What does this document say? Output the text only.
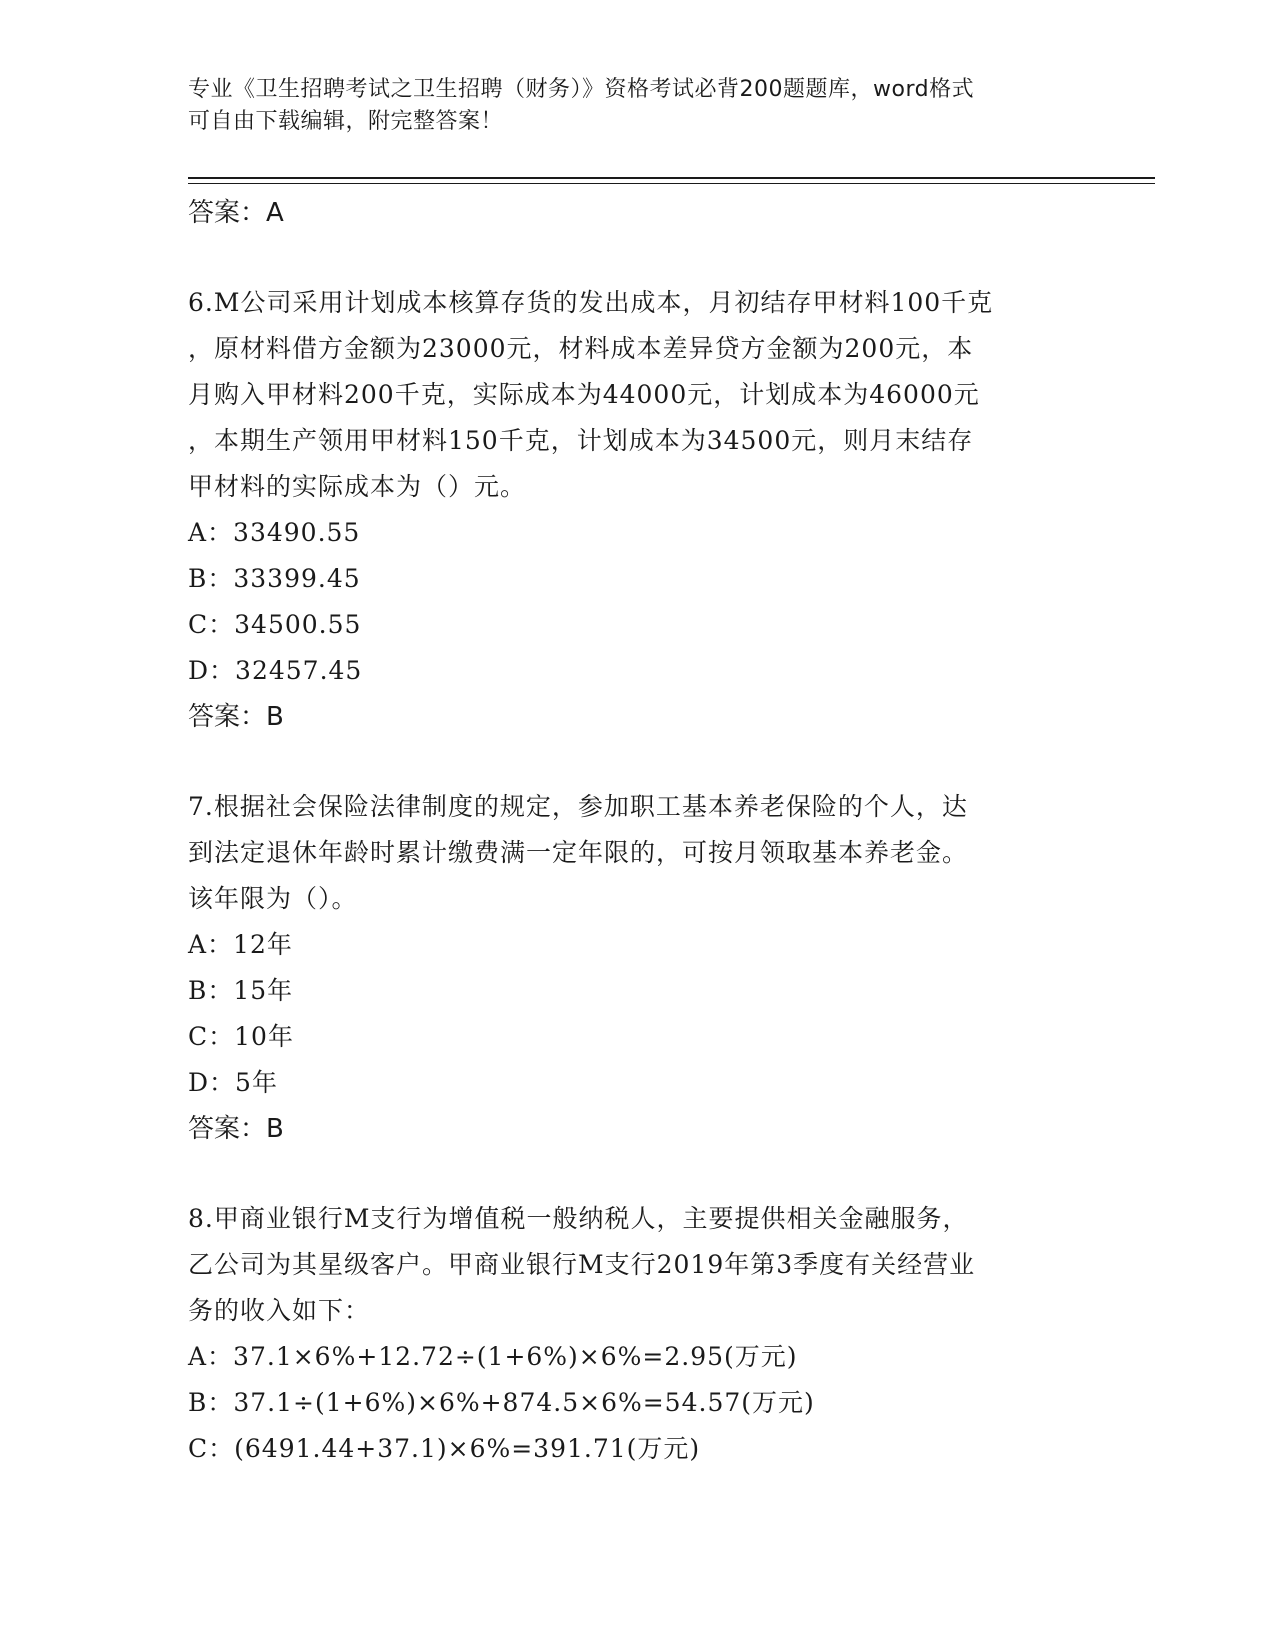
专业《卫生招聘考试之卫生招聘（财务）》资格考试必背200题题库，word格式
可自由下载编辑，附完整答案！
答案：A
6.M公司采用计划成本核算存货的发出成本，月初结存甲材料100千克
，原材料借方金额为23000元，材料成本差异贷方金额为200元，本
月购入甲材料200千克，实际成本为44000元，计划成本为46000元
，本期生产领用甲材料150千克，计划成本为34500元，则月末结存
甲材料的实际成本为（）元。
A：33490.55
B：33399.45
C：34500.55
D：32457.45
答案：B
7.根据社会保险法律制度的规定，参加职工基本养老保险的个人，达
到法定退休年龄时累计缴费满一定年限的，可按月领取基本养老金。
该年限为（）。
A：12年
B：15年
C：10年
D：5年
答案：B
8.甲商业银行M支行为增值税一般纳税人，主要提供相关金融服务，
乙公司为其星级客户。甲商业银行M支行2019年第3季度有关经营业
务的收入如下：
A：37.1×6%+12.72÷(1+6%)×6%=2.95(万元)
B：37.1÷(1+6%)×6%+874.5×6%=54.57(万元)
C：(6491.44+37.1)×6%=391.71(万元)
